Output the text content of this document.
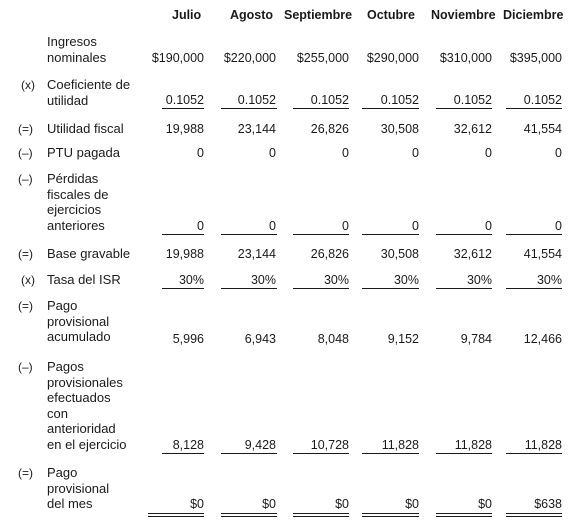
Julio Agosto Septiembre Octubre Noviembre Diciembre
Ingresos nominales	$190,000 $220,000 $255,000 $290,000 $310,000 $395,000
(x) Coeficiente de utilidad	0.1052	0.1052	0.1052	0.1052	0.1052	0.1052
(=) Utilidad fiscal	19,988	23,144	26,826	30,508	32,612	41,554
(–) PTU pagada	0	0	0	0	0	0
(–) Pérdidas fiscales de ejercicios anteriores	0	0	0	0	0	0
(=) Base gravable	19,988	23,144	26,826	30,508	32,612	41,554
(x) Tasa del ISR	30%	30%	30%	30%	30%	30%
(=) Pago provisional acumulado	5,996	6,943	8,048	9,152	9,784	12,466
(–) Pagos provisionales efectuados con anterioridad en el ejercicio	8,128	9,428	10,728	11,828	11,828	11,828
(=) Pago provisional del mes	$0	$0	$0	$0	$0	$638
